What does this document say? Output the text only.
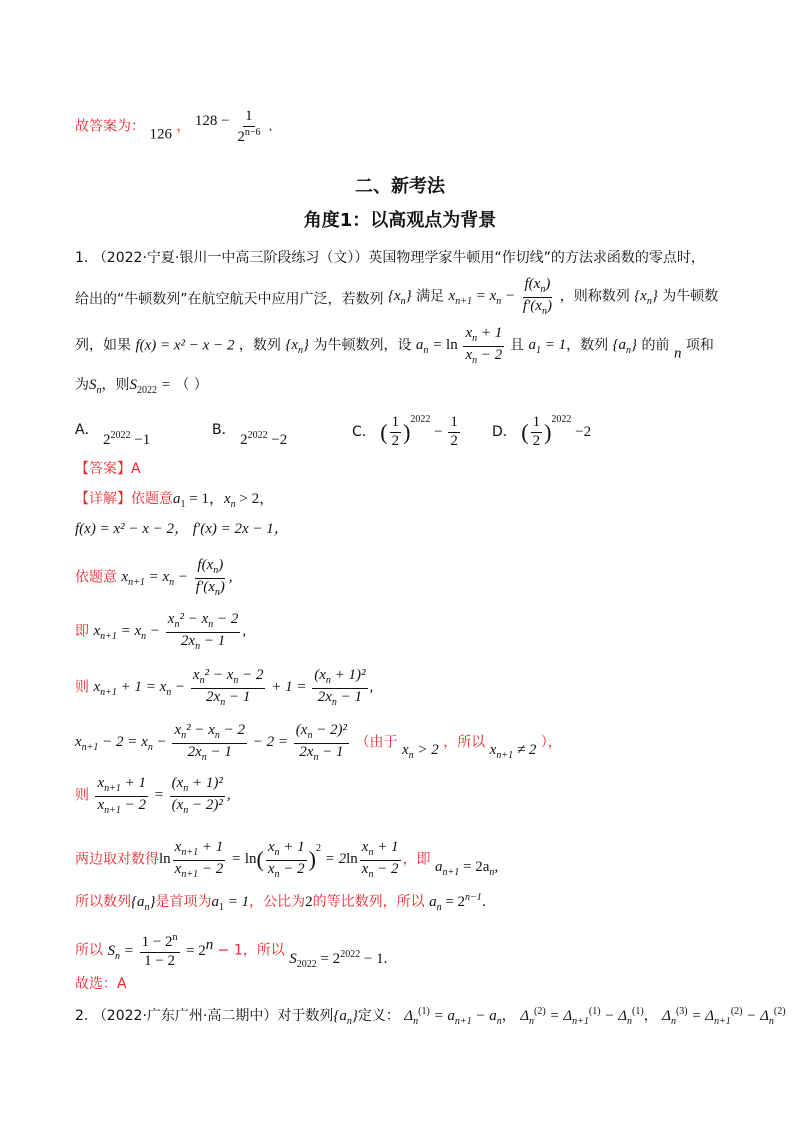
故答案为： 126 ， $128 - \frac{1}{2^{n-6}}$ .
二、新考法
角度1：以高观点为背景
1. （2022·宁夏·银川一中高三阶段练习（文））英国物理学家牛顿用“作切线”的方法求函数的零点时，
给出的“牛顿数列”在航空航天中应用广泛，若数列 $\{x_n\}$ 满足 $x_{n+1} = x_n - \frac{f(x_n)}{f'(x_n)}$ ，则称数列 $\{x_n\}$ 为牛顿数
列，如果 f(x) = x² − x − 2 ，数列 $\{x_n\}$ 为牛顿数列，设 $a_n = \ln \frac{x_n + 1}{x_n - 2}$ 且 $a_1 = 1$，数列 $\{a_n\}$ 的前 n 项和
为$S_n$，则$S_{2022}$ = （ ）
A． $2^{2022} -1$
B． $2^{2022} -2$	C． ( $\frac{1}{2} )^{2022} - \frac{1}{2}$ D． ( $\frac{1}{2} )^{2022} -2$
【答案】A
【详解】依题意$a_1 = 1$，$x_n > 2$，
f(x) = x² − x − 2， f′(x) = 2x − 1，
依题意 $x_{n+1} = x_n - \frac{f(x_n)}{f'(x_n)}$ ,
即 $x_{n+1} = x_n - \frac{x_n^2 - x_n - 2}{2x_n - 1}$ ,
则 $x_{n+1} + 1 = x_n - \frac{x_n^2 - x_n - 2}{2x_n - 1} + 1 = \frac{(x_n + 1)^2}{2x_n - 1}$ ,
$x_{n+1} - 2 = x_n - \frac{x_n^2 - x_n - 2}{2x_n - 1} - 2 = \frac{(x_n - 2)^2}{2x_n - 1}$ （由于 $x_n > 2$ ，所以 $x_{n+1} \ne 2$ ），
则 $\frac{x_{n+1} + 1}{x_{n+1} - 2} = \frac{(x_n + 1)^2}{(x_n - 2)^2}$ ,
两边取对数得$\ln \frac{x_{n+1} + 1}{x_{n+1} - 2} = \ln( \frac{x_n + 1}{x_n - 2} )^2 = 2\ln \frac{x_n + 1}{x_n - 2}$ ，即 $a_{n+1} = 2a_n$,
所以数列$\{a_n\}$是首项为$a_1 = 1$，公比为2的等比数列，所以 $a_n = 2^{n-1}$.
所以 $S_n = \frac{1 - 2^n}{1 - 2} = 2^n - 1$，所以 $S_{2022} = 2^{2022} - 1$.
故选：A
2. （2022·广东广州·高二期中）对于数列$\{a_n\}$定义： $\Delta_n^{(1)} = a_{n+1} - a_n$， $\Delta_n^{(2)} = \Delta_{n+1}^{(1)} - \Delta_n^{(1)}$， $\Delta_n^{(3)} = \Delta_{n+1}^{(2)} - \Delta_n^{(2)}$
